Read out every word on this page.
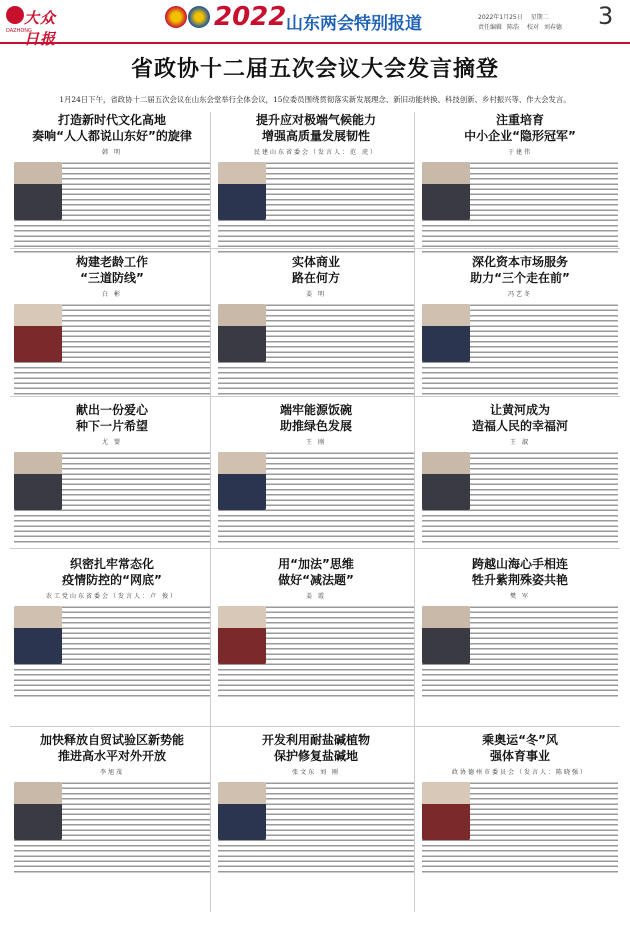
大众日报
DAZHONG	2022 山东两会特别报道	2022年1月25日 星期二
责任编辑 陈浩 校对 刘春德 3
省政协十二届五次会议大会发言摘登
1月24日下午，省政协十二届五次会议在山东会堂举行全体会议，15位委员围绕贯彻落实新发展理念、新旧动能转换、科技创新、乡村振兴等、作大会发言。
打造新时代文化高地
奏响“人人都说山东好”的旋律
韩 明
提升应对极端气候能力
增强高质量发展韧性
民建山东省委会（发言人：范 虎）
注重培育
中小企业“隐形冠军”
于建伟
构建老龄工作
“三道防线”
白 彬
实体商业
路在何方
姜 明
深化资本市场服务
助力“三个走在前”
冯艺冬
献出一份爱心
种下一片希望
尤 婴
端牢能源饭碗
助推绿色发展
王 刚
让黄河成为
造福人民的幸福河
王 淑
织密扎牢常态化
疫情防控的“网底”
农工党山东省委会（发言人：卢 俊）
用“加法”思维
做好“减法题”
姜 霞
跨越山海心手相连
牲升紫荆殊姿共艳
樊 军
加快释放自贸试验区新势能
推进高水平对外开放
李旭茂
开发利用耐盐碱植物
保护修复盐碱地
张文东 刘 刚
乘奥运“冬”风
强体育事业
政协德州市委员会（发言人：陈晓强）
